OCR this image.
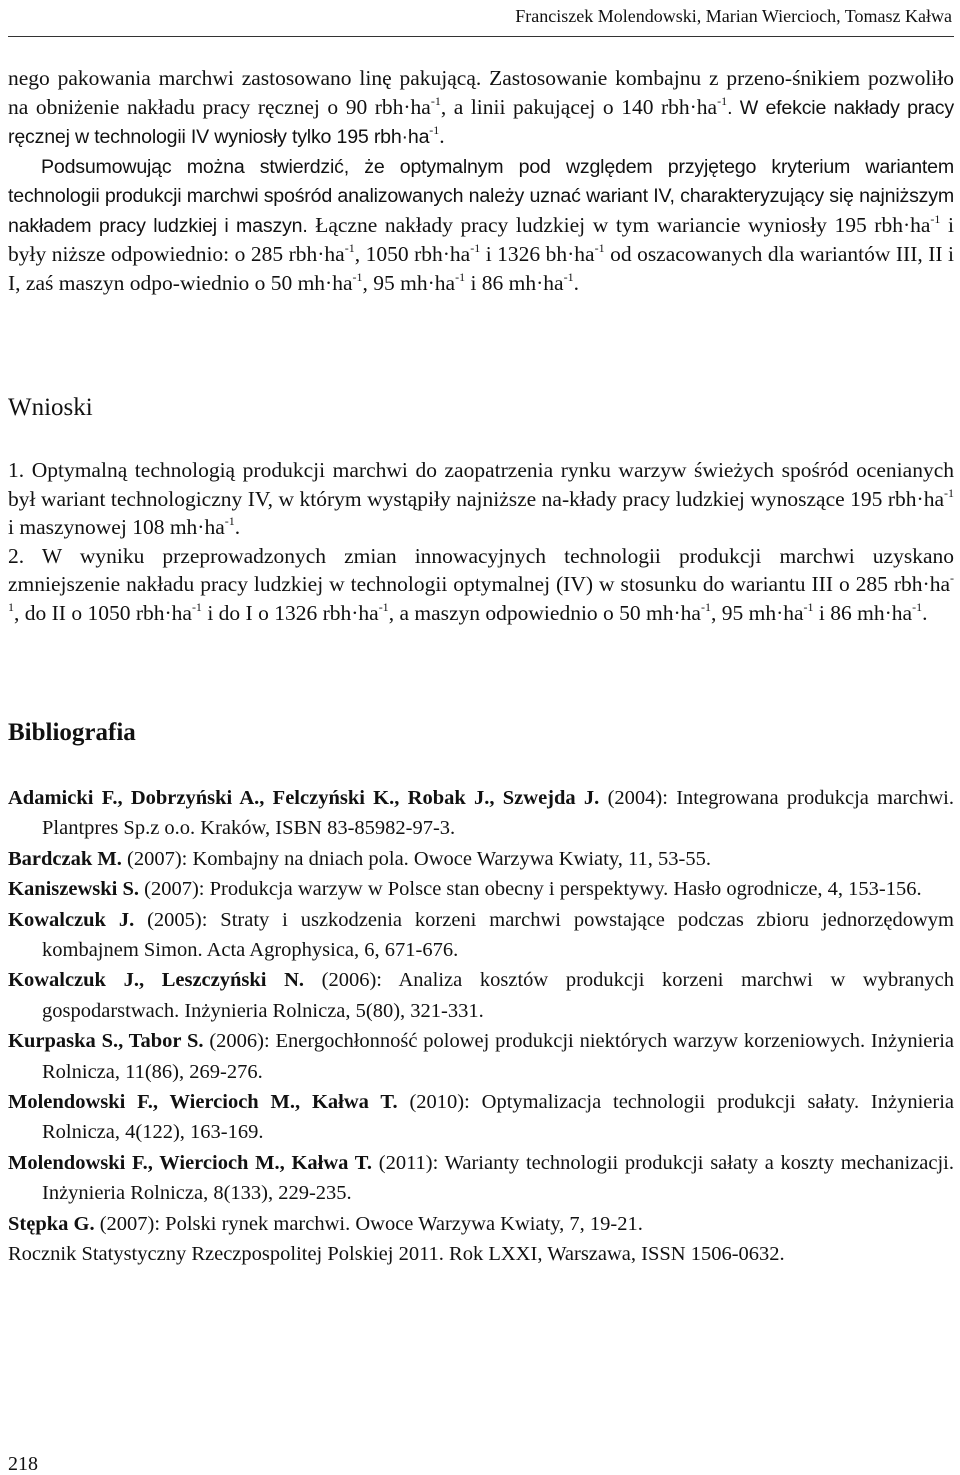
Franciszek Molendowski, Marian Wiercioch, Tomasz Kałwa

nego pakowania marchwi zastosowano linę pakującą. Zastosowanie kombajnu z przeno-śnikiem pozwoliło na obniżenie nakładu pracy ręcznej o 90 $rbh\cdot ha^{-1}$, a linii pakującej o 140 $rbh\cdot ha^{-1}$. W efekcie nakłady pracy ręcznej w technologii IV wyniosły tylko 195 $rbh\cdot ha^{-1}$.

Podsumowując można stwierdzić, że optymalnym pod względem przyjętego kryterium wariantem technologii produkcji marchwi spośród analizowanych należy uznać wariant IV, charakteryzujący się najniższym nakładem pracy ludzkiej i maszyn. Łączne nakłady pracy ludzkiej w tym wariancie wyniosły 195 $rbh\cdot ha^{-1}$ i były niższe odpowiednio: o 285 $rbh\cdot ha^{-1}$, 1050 $rbh\cdot ha^{-1}$ i 1326 $bh\cdot ha^{-1}$ od oszacowanych dla wariantów III, II i I, zaś maszyn odpo-wiednio o 50 $mh\cdot ha^{-1}$, 95 $mh\cdot ha^{-1}$ i 86 $mh\cdot ha^{-1}$.

Wnioski

1. Optymalną technologią produkcji marchwi do zaopatrzenia rynku warzyw świeżych spośród ocenianych był wariant technologiczny IV, w którym wystąpiły najniższe na-kłady pracy ludzkiej wynoszące 195 $rbh\cdot ha^{-1}$ i maszynowej 108 $mh\cdot ha^{-1}$.

2. W wyniku przeprowadzonych zmian innowacyjnych technologii produkcji marchwi uzyskano zmniejszenie nakładu pracy ludzkiej w technologii optymalnej (IV) w stosunku do wariantu III o 285 $rbh\cdot ha^{-1}$, do II o 1050 $rbh\cdot ha^{-1}$ i do I o 1326 $rbh\cdot ha^{-1}$, a maszyn odpowiednio o 50 $mh\cdot ha^{-1}$, 95 $mh\cdot ha^{-1}$ i 86 $mh\cdot ha^{-1}$.

Bibliografia

Adamicki F., Dobrzyński A., Felczyński K., Robak J., Szwejda J. (2004): Integrowana produkcja marchwi. Plantpres Sp.z o.o. Kraków, ISBN 83-85982-97-3.

Bardczak M. (2007): Kombajny na dniach pola. Owoce Warzywa Kwiaty, 11, 53-55.

Kaniszewski S. (2007): Produkcja warzyw w Polsce stan obecny i perspektywy. Hasło ogrodnicze, 4, 153-156.

Kowalczuk J. (2005): Straty i uszkodzenia korzeni marchwi powstające podczas zbioru jednorzędowym kombajnem Simon. Acta Agrophysica, 6, 671-676.

Kowalczuk J., Leszczyński N. (2006): Analiza kosztów produkcji korzeni marchwi w wybranych gospodarstwach. Inżynieria Rolnicza, 5(80), 321-331.

Kurpaska S., Tabor S. (2006): Energochłonność polowej produkcji niektórych warzyw korzeniowych. Inżynieria Rolnicza, 11(86), 269-276.

Molendowski F., Wiercioch M., Kałwa T. (2010): Optymalizacja technologii produkcji sałaty. Inżynieria Rolnicza, 4(122), 163-169.

Molendowski F., Wiercioch M., Kałwa T. (2011): Warianty technologii produkcji sałaty a koszty mechanizacji. Inżynieria Rolnicza, 8(133), 229-235.

Stępka G. (2007): Polski rynek marchwi. Owoce Warzywa Kwiaty, 7, 19-21.

Rocznik Statystyczny Rzeczpospolitej Polskiej 2011. Rok LXXI, Warszawa, ISSN 1506-0632.

218
